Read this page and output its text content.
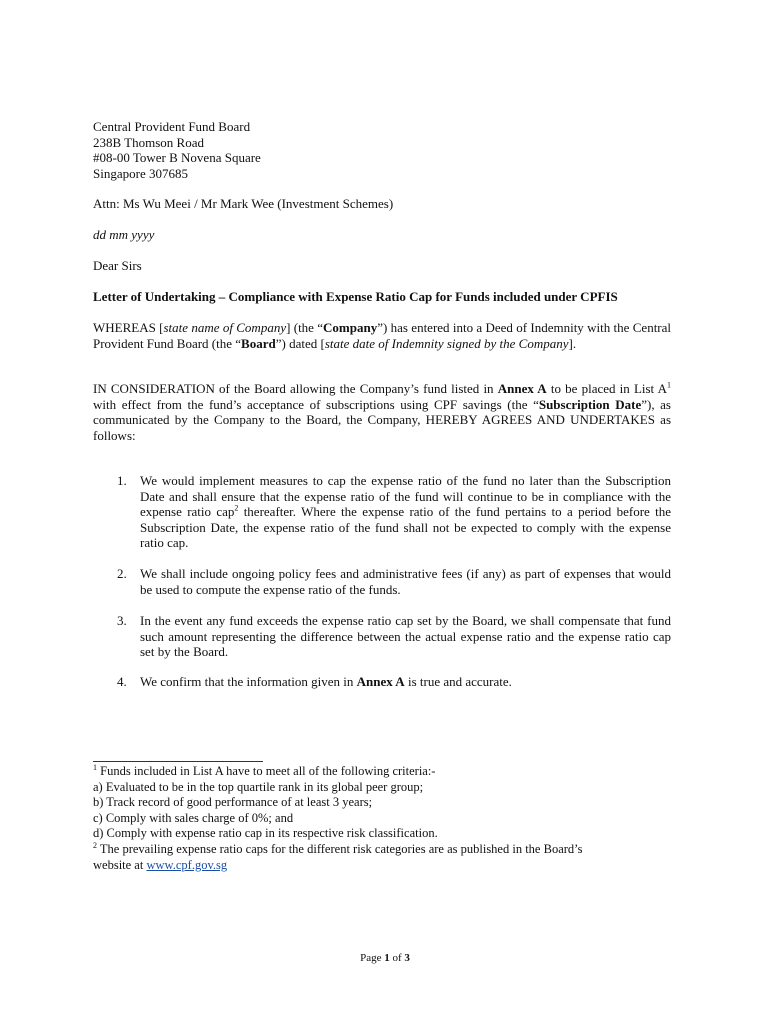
Central Provident Fund Board
238B Thomson Road
#08-00 Tower B Novena Square
Singapore 307685
Attn: Ms Wu Meei / Mr Mark Wee (Investment Schemes)
dd mm yyyy
Dear Sirs
Letter of Undertaking – Compliance with Expense Ratio Cap for Funds included under CPFIS
WHEREAS [state name of Company] (the “Company”) has entered into a Deed of Indemnity with the Central Provident Fund Board (the “Board”) dated [state date of Indemnity signed by the Company].
IN CONSIDERATION of the Board allowing the Company’s fund listed in Annex A to be placed in List $A^1$ with effect from the fund’s acceptance of subscriptions using CPF savings (the “Subscription Date”), as communicated by the Company to the Board, the Company, HEREBY AGREES AND UNDERTAKES as follows:
1. We would implement measures to cap the expense ratio of the fund no later than the Subscription Date and shall ensure that the expense ratio of the fund will continue to be in compliance with the expense ratio cap$^2$ thereafter. Where the expense ratio of the fund pertains to a period before the Subscription Date, the expense ratio of the fund shall not be expected to comply with the expense ratio cap.
2. We shall include ongoing policy fees and administrative fees (if any) as part of expenses that would be used to compute the expense ratio of the funds.
3. In the event any fund exceeds the expense ratio cap set by the Board, we shall compensate that fund such amount representing the difference between the actual expense ratio and the expense ratio cap set by the Board.
4. We confirm that the information given in Annex A is true and accurate.
$^1$ Funds included in List A have to meet all of the following criteria:-
a) Evaluated to be in the top quartile rank in its global peer group;
b) Track record of good performance of at least 3 years;
c) Comply with sales charge of 0%; and
d) Comply with expense ratio cap in its respective risk classification.
$^2$ The prevailing expense ratio caps for the different risk categories are as published in the Board’s
website at www.cpf.gov.sg
Page 1 of 3
